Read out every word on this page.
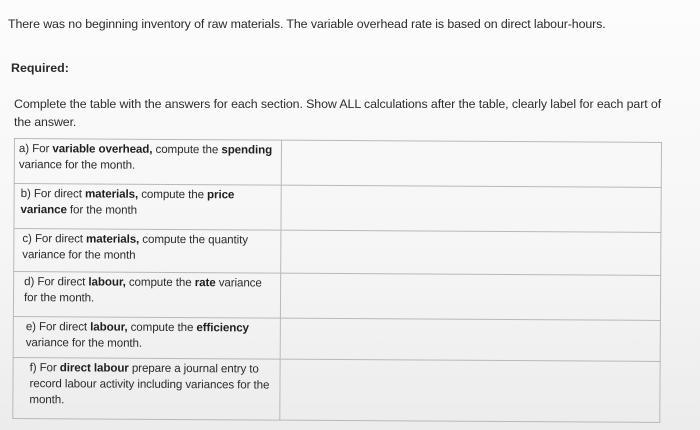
There was no beginning inventory of raw materials. The variable overhead rate is based on direct labour-hours.
Required:
Complete the table with the answers for each section. Show ALL calculations after the table, clearly label for each part of the answer.
a) For variable overhead, compute the spending variance for the month.	
b) For direct materials, compute the price variance for the month	
c) For direct materials, compute the quantity variance for the month	
d) For direct labour, compute the rate variance for the month.	
e) For direct labour, compute the efficiency variance for the month.	
f) For direct labour prepare a journal entry to record labour activity including variances for the month.	
